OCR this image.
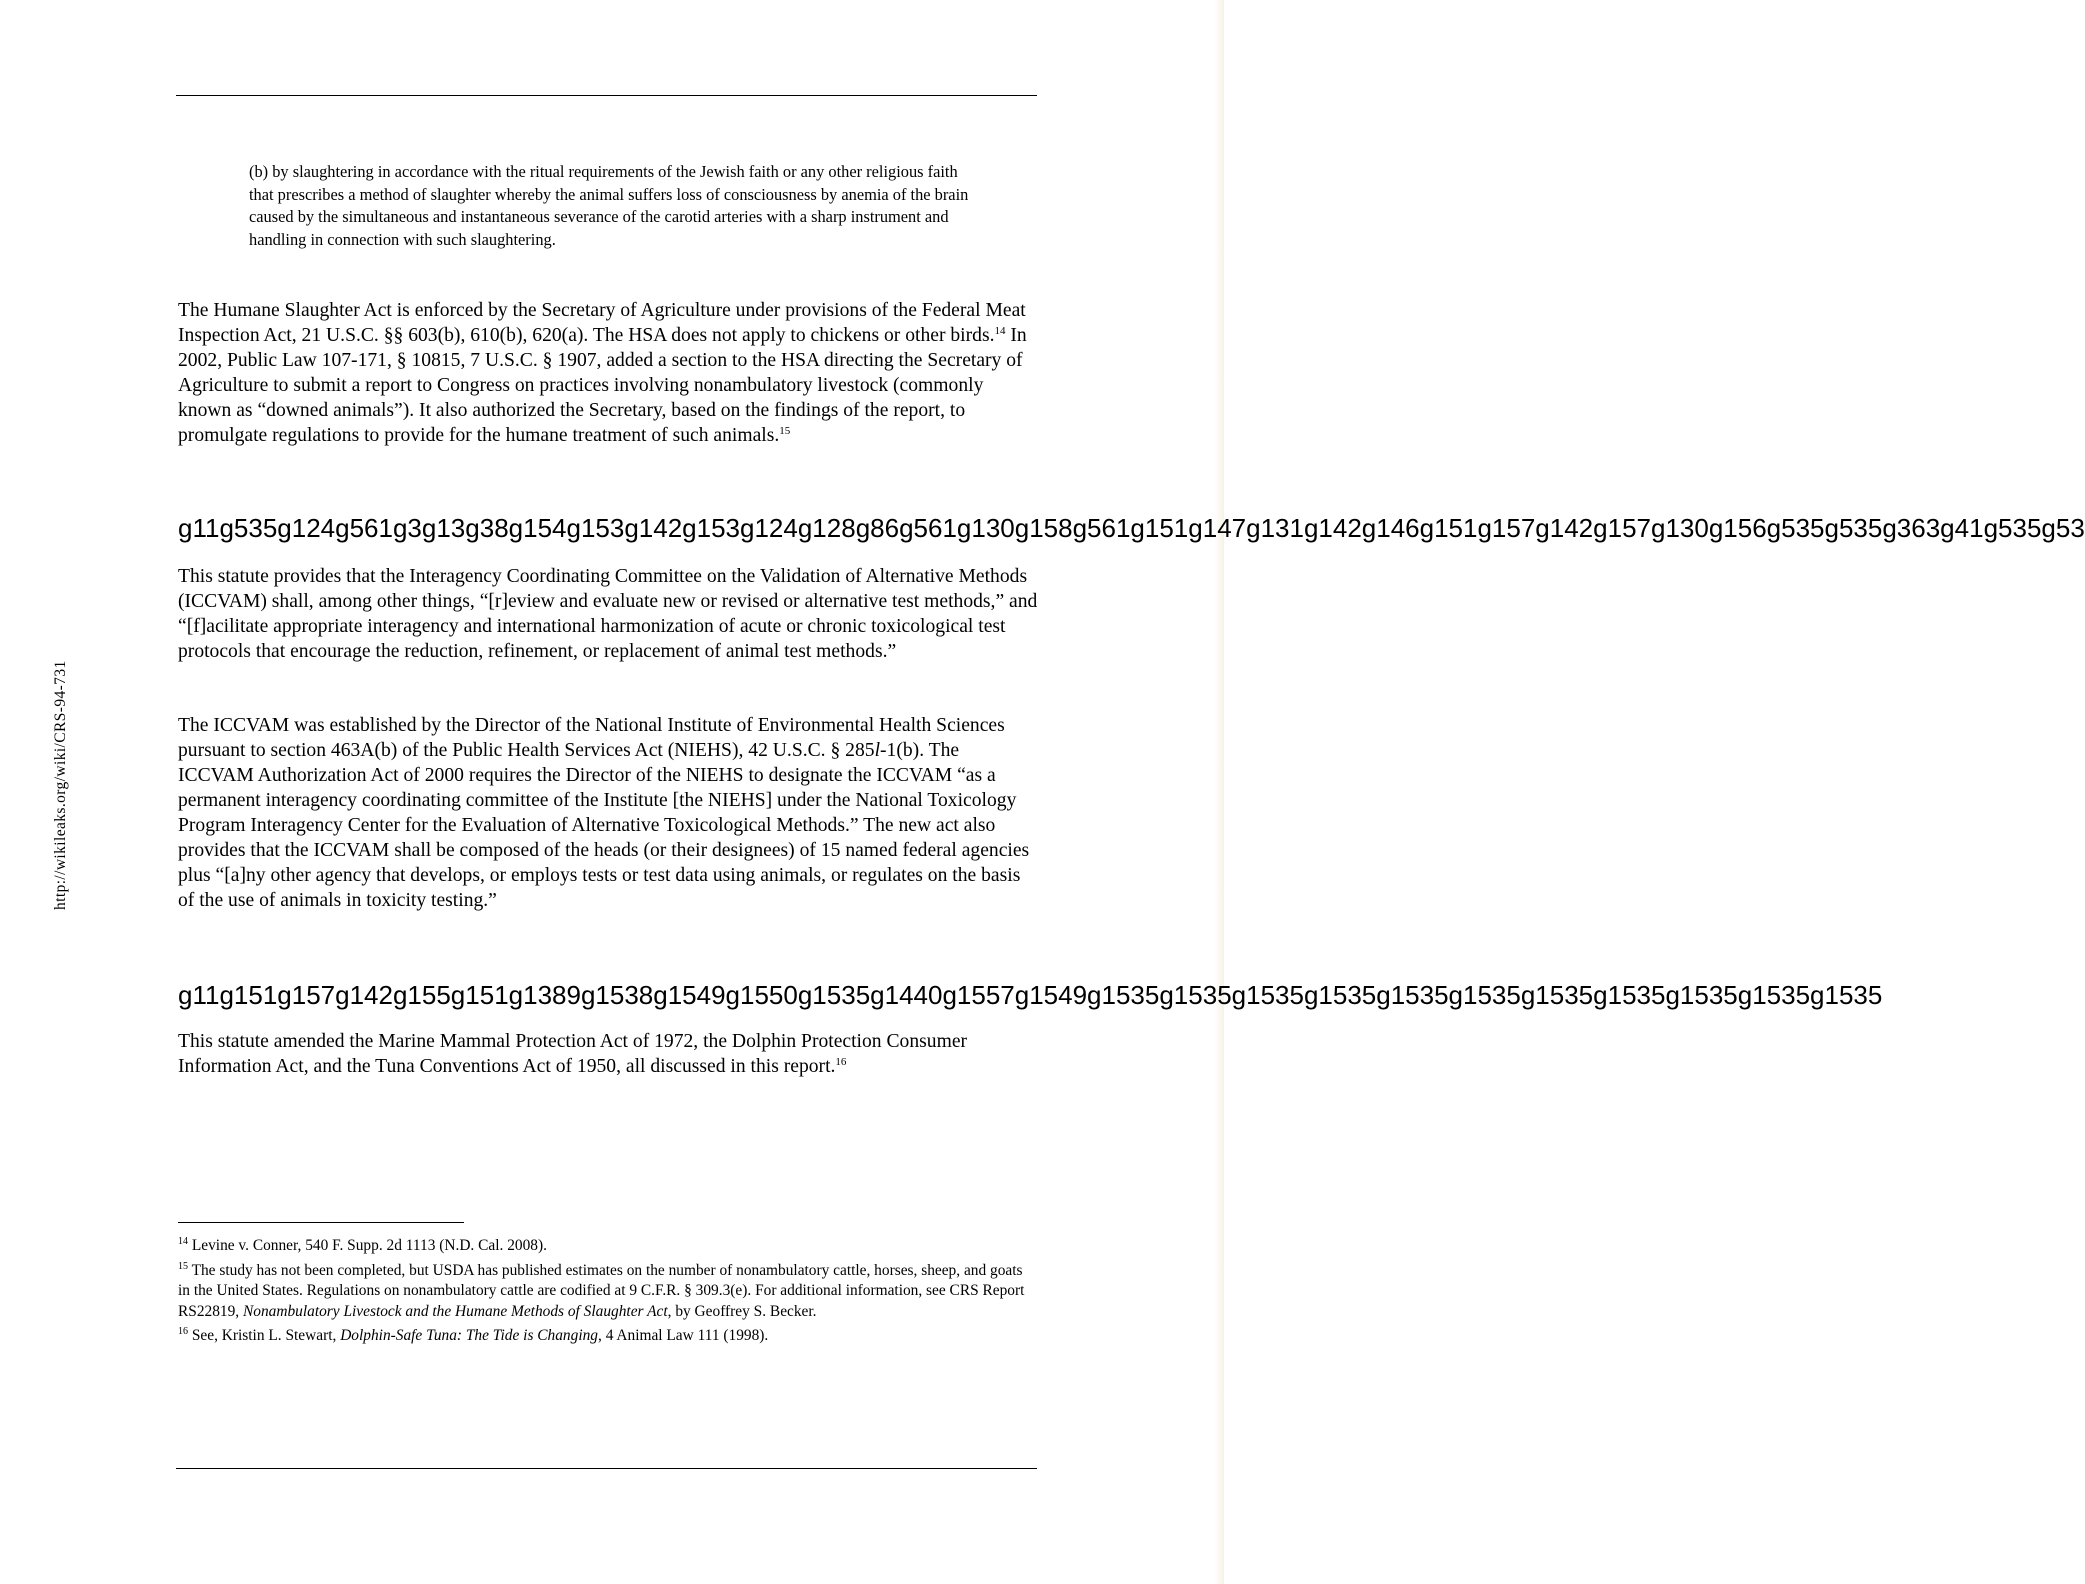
http://wikileaks.org/wiki/CRS-94-731

(b) by slaughtering in accordance with the ritual requirements of the Jewish faith or any other religious faith that prescribes a method of slaughter whereby the animal suffers loss of consciousness by anemia of the brain caused by the simultaneous and instantaneous severance of the carotid arteries with a sharp instrument and handling in connection with such slaughtering.

The Humane Slaughter Act is enforced by the Secretary of Agriculture under provisions of the Federal Meat Inspection Act, 21 U.S.C. §§ 603(b), 610(b), 620(a). The HSA does not apply to chickens or other birds.$^{14}$ In 2002, Public Law 107-171, § 10815, 7 U.S.C. § 1907, added a section to the HSA directing the Secretary of Agriculture to submit a report to Congress on practices involving nonambulatory livestock (commonly known as “downed animals”). It also authorized the Secretary, based on the findings of the report, to promulgate regulations to provide for the humane treatment of such animals.$^{15}$

g11g535g124g561g3g13g38g154g153g142g153g124g128g86g561g130g158g561g151g147g131g142g146g151g157g142g157g130g156g535g535g363g41g535g53

This statute provides that the Interagency Coordinating Committee on the Validation of Alternative Methods (ICCVAM) shall, among other things, “[r]eview and evaluate new or revised or alternative test methods,” and “[f]acilitate appropriate interagency and international harmonization of acute or chronic toxicological test protocols that encourage the reduction, refinement, or replacement of animal test methods.”

The ICCVAM was established by the Director of the National Institute of Environmental Health Sciences pursuant to section 463A(b) of the Public Health Services Act (NIEHS), 42 U.S.C. § 285l-1(b). The ICCVAM Authorization Act of 2000 requires the Director of the NIEHS to designate the ICCVAM “as a permanent interagency coordinating committee of the Institute [the NIEHS] under the National Toxicology Program Interagency Center for the Evaluation of Alternative Toxicological Methods.” The new act also provides that the ICCVAM shall be composed of the heads (or their designees) of 15 named federal agencies plus “[a]ny other agency that develops, or employs tests or test data using animals, or regulates on the basis of the use of animals in toxicity testing.”

g11g151g157g142g155g151g1389g1538g1549g1550g1535g1440g1557g1549g1535g1535g1535g1535g1535g1535g1535g1535g1535g1535g1535

This statute amended the Marine Mammal Protection Act of 1972, the Dolphin Protection Consumer Information Act, and the Tuna Conventions Act of 1950, all discussed in this report.$^{16}$

$^{14}$ Levine v. Conner, 540 F. Supp. 2d 1113 (N.D. Cal. 2008).

$^{15}$ The study has not been completed, but USDA has published estimates on the number of nonambulatory cattle, horses, sheep, and goats in the United States. Regulations on nonambulatory cattle are codified at 9 C.F.R. § 309.3(e). For additional information, see CRS Report RS22819, Nonambulatory Livestock and the Humane Methods of Slaughter Act, by Geoffrey S. Becker.

$^{16}$ See, Kristin L. Stewart, Dolphin-Safe Tuna: The Tide is Changing, 4 Animal Law 111 (1998).
